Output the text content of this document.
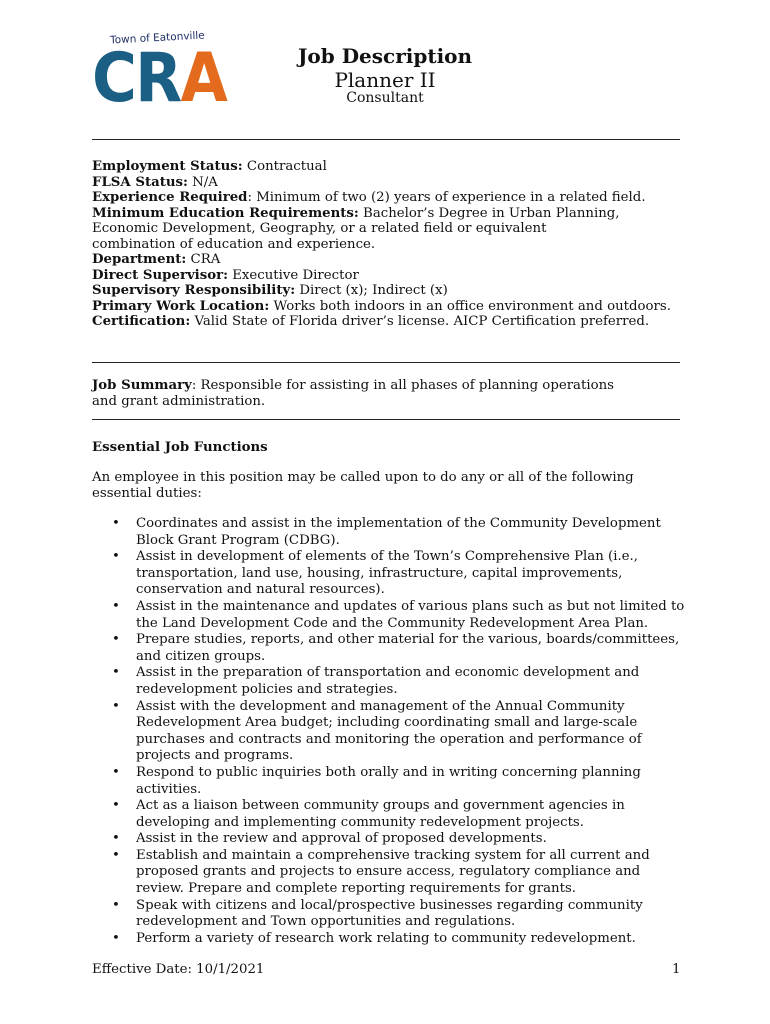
Town of Eatonville
CRA	Job Description
Planner II
Consultant

Employment Status: Contractual

FLSA Status: N/A

Experience Required: Minimum of two (2) years of experience in a related field.

Minimum Education Requirements: Bachelor’s Degree in Urban Planning, Economic Development, Geography, or a related field or equivalent combination of education and experience.

Department: CRA

Direct Supervisor: Executive Director

Supervisory Responsibility: Direct (x); Indirect (x)

Primary Work Location: Works both indoors in an office environment and outdoors.

Certification: Valid State of Florida driver’s license. AICP Certification preferred.

Job Summary: Responsible for assisting in all phases of planning operations and grant administration.

Essential Job Functions

An employee in this position may be called upon to do any or all of the following essential duties:

• Coordinates and assist in the implementation of the Community Development Block Grant Program (CDBG).
• Assist in development of elements of the Town’s Comprehensive Plan (i.e., transportation, land use, housing, infrastructure, capital improvements, conservation and natural resources).
• Assist in the maintenance and updates of various plans such as but not limited to the Land Development Code and the Community Redevelopment Area Plan.
• Prepare studies, reports, and other material for the various, boards/committees, and citizen groups.
• Assist in the preparation of transportation and economic development and redevelopment policies and strategies.
• Assist with the development and management of the Annual Community Redevelopment Area budget; including coordinating small and large-scale purchases and contracts and monitoring the operation and performance of projects and programs.
• Respond to public inquiries both orally and in writing concerning planning activities.
• Act as a liaison between community groups and government agencies in developing and implementing community redevelopment projects.
• Assist in the review and approval of proposed developments.
• Establish and maintain a comprehensive tracking system for all current and proposed grants and projects to ensure access, regulatory compliance and review. Prepare and complete reporting requirements for grants.
• Speak with citizens and local/prospective businesses regarding community redevelopment and Town opportunities and regulations.
• Perform a variety of research work relating to community redevelopment.
Effective Date: 10/1/2021	1
